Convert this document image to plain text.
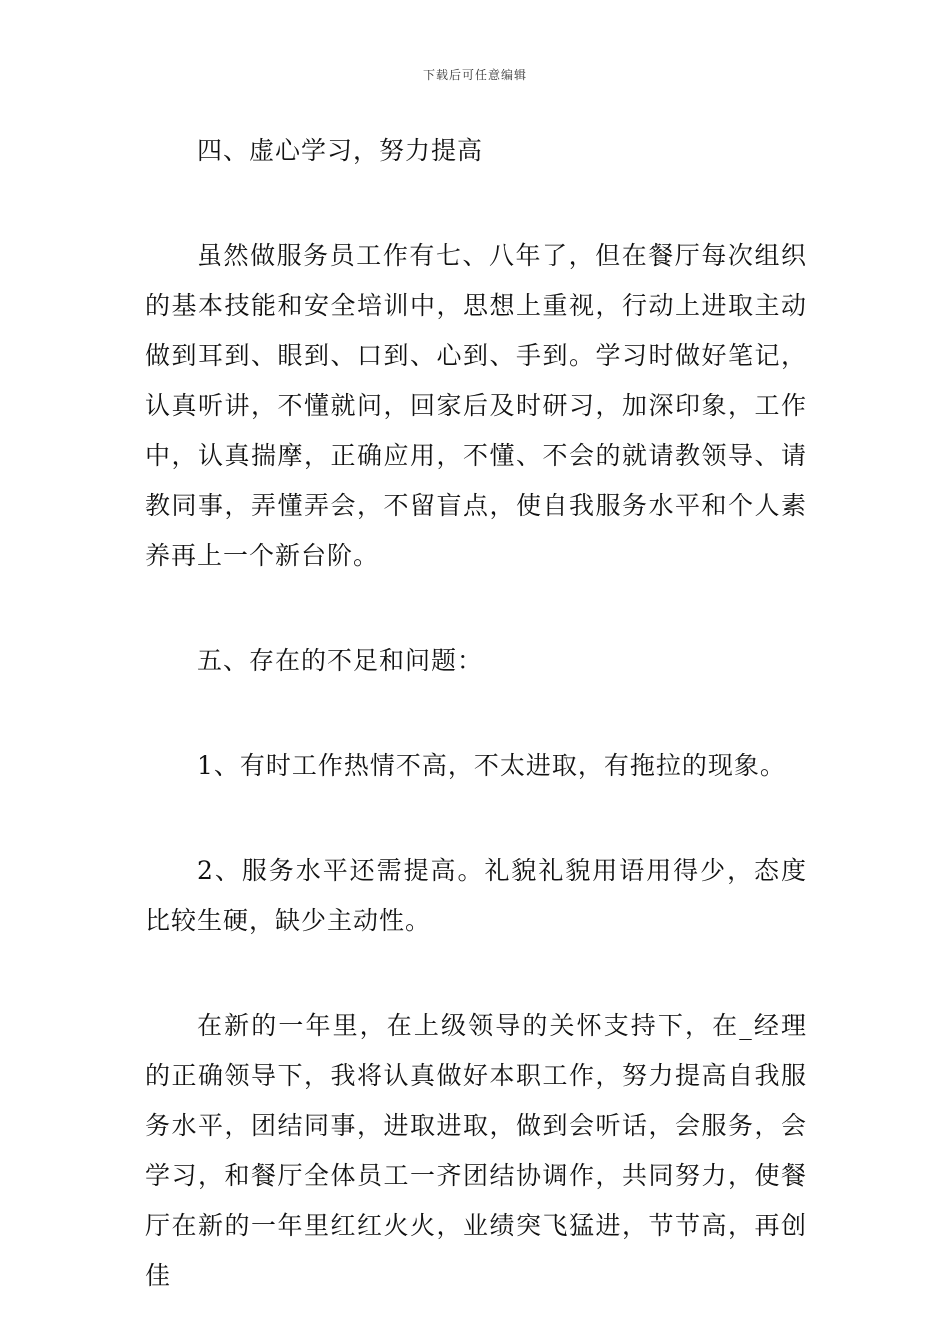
下载后可任意编辑

四、虚心学习，努力提高

虽然做服务员工作有七、八年了，但在餐厅每次组织的基本技能和安全培训中，思想上重视，行动上进取主动做到耳到、眼到、口到、心到、手到。学习时做好笔记，认真听讲，不懂就问，回家后及时研习，加深印象，工作中，认真揣摩，正确应用，不懂、不会的就请教领导、请教同事，弄懂弄会，不留盲点，使自我服务水平和个人素养再上一个新台阶。

五、存在的不足和问题：

1、有时工作热情不高，不太进取，有拖拉的现象。

2、服务水平还需提高。礼貌礼貌用语用得少，态度比较生硬，缺少主动性。

在新的一年里，在上级领导的关怀支持下，在_经理的正确领导下，我将认真做好本职工作，努力提高自我服务水平，团结同事，进取进取，做到会听话，会服务，会学习，和餐厅全体员工一齐团结协调作，共同努力，使餐厅在新的一年里红红火火，业绩突飞猛进，节节高，再创佳
